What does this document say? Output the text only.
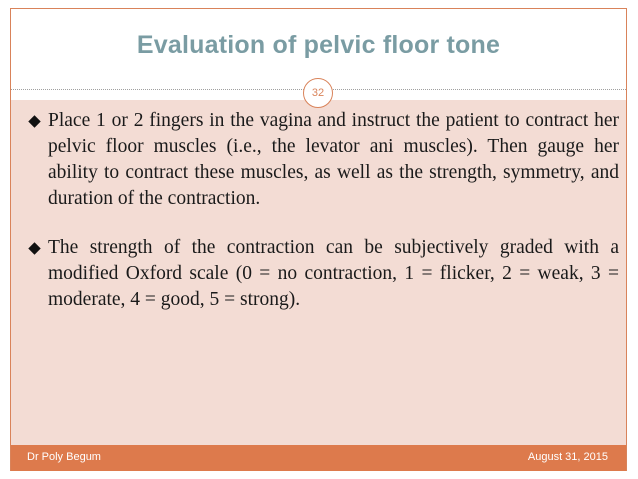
Evaluation of pelvic floor tone
32
Place 1 or 2 fingers in the vagina and instruct the patient to contract her pelvic floor muscles (i.e., the levator ani muscles). Then gauge her ability to contract these muscles, as well as the strength, symmetry, and duration of the contraction.
The strength of the contraction can be subjectively graded with a modified Oxford scale (0 = no contraction, 1 = flicker, 2 = weak, 3 = moderate, 4 = good, 5 = strong).
Dr Poly Begum	August 31, 2015
